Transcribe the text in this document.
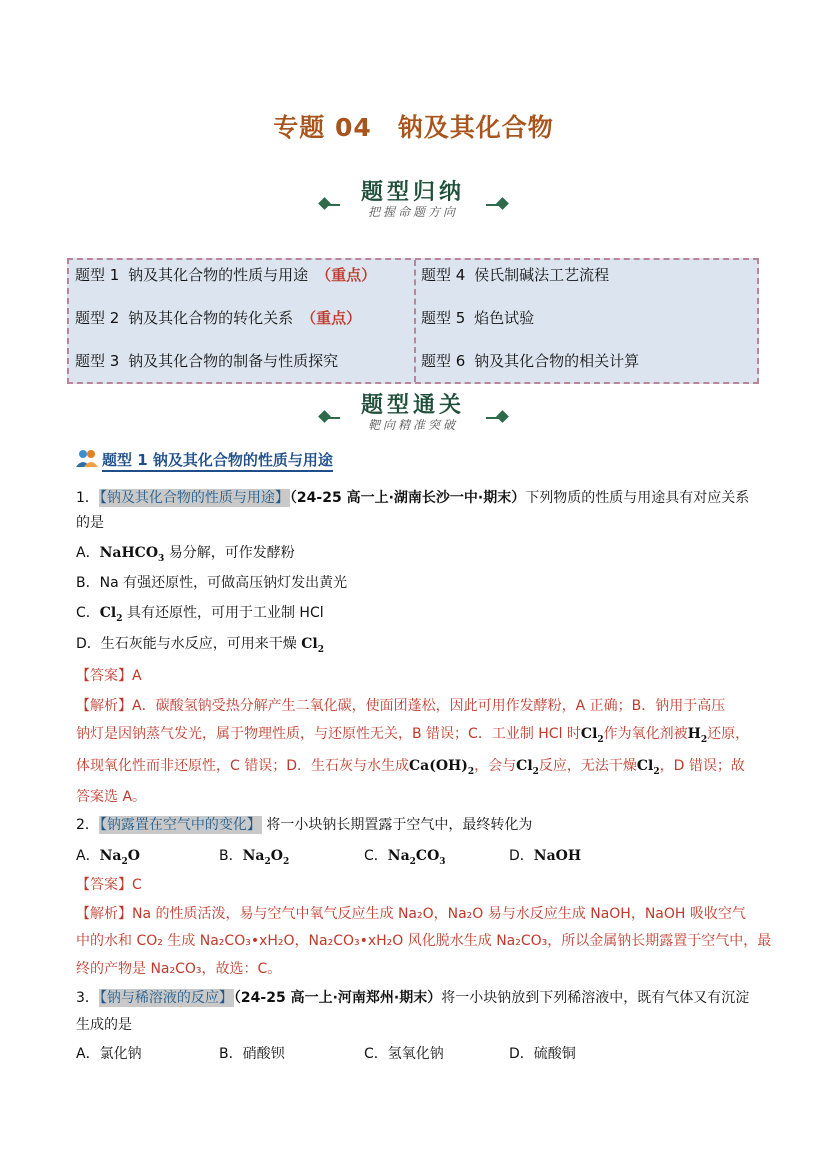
专题 04　钠及其化合物
题型归纳
把握命题方向
题型 1 钠及其化合物的性质与用途 （重点）
题型 2 钠及其化合物的转化关系 （重点）
题型 3 钠及其化合物的制备与性质探究
题型 4 侯氏制碱法工艺流程
题型 5 焰色试验
题型 6 钠及其化合物的相关计算
题型通关
靶向精准突破
题型 1 钠及其化合物的性质与用途
1．【钠及其化合物的性质与用途】（24-25 高一上·湖南长沙一中·期末）下列物质的性质与用途具有对应关系
的是
A．NaHCO$_3$ 易分解，可作发酵粉
B．Na 有强还原性，可做高压钠灯发出黄光
C．$Cl_2$ 具有还原性，可用于工业制 HCl
D．生石灰能与水反应，可用来干燥 $Cl_2$
【答案】A
【解析】A．碳酸氢钠受热分解产生二氧化碳，使面团蓬松，因此可用作发酵粉，A 正确；B．钠用于高压
钠灯是因钠蒸气发光，属于物理性质，与还原性无关，B 错误；C．工业制 HCl 时$Cl_2$作为氧化剂被$H_2$还原，
体现氧化性而非还原性，C 错误；D．生石灰与水生成$Ca(OH)_2$，会与$Cl_2$反应，无法干燥$Cl_2$，D 错误；故
答案选 A。
2．【钠露置在空气中的变化】 将一小块钠长期置露于空气中，最终转化为
A．$Na_2O$	B．$Na_2O_2$	C．$Na_2CO_3$	D．NaOH
【答案】C
【解析】Na 的性质活泼，易与空气中氧气反应生成 Na₂O，Na₂O 易与水反应生成 NaOH，NaOH 吸收空气
中的水和 CO₂ 生成 Na₂CO₃•xH₂O，Na₂CO₃•xH₂O 风化脱水生成 Na₂CO₃，所以金属钠长期露置于空气中，最
终的产物是 Na₂CO₃，故选：C。
3．【钠与稀溶液的反应】（24-25 高一上·河南郑州·期末）将一小块钠放到下列稀溶液中，既有气体又有沉淀
生成的是
A．氯化钠	B．硝酸钡	C．氢氧化钠	D．硫酸铜
